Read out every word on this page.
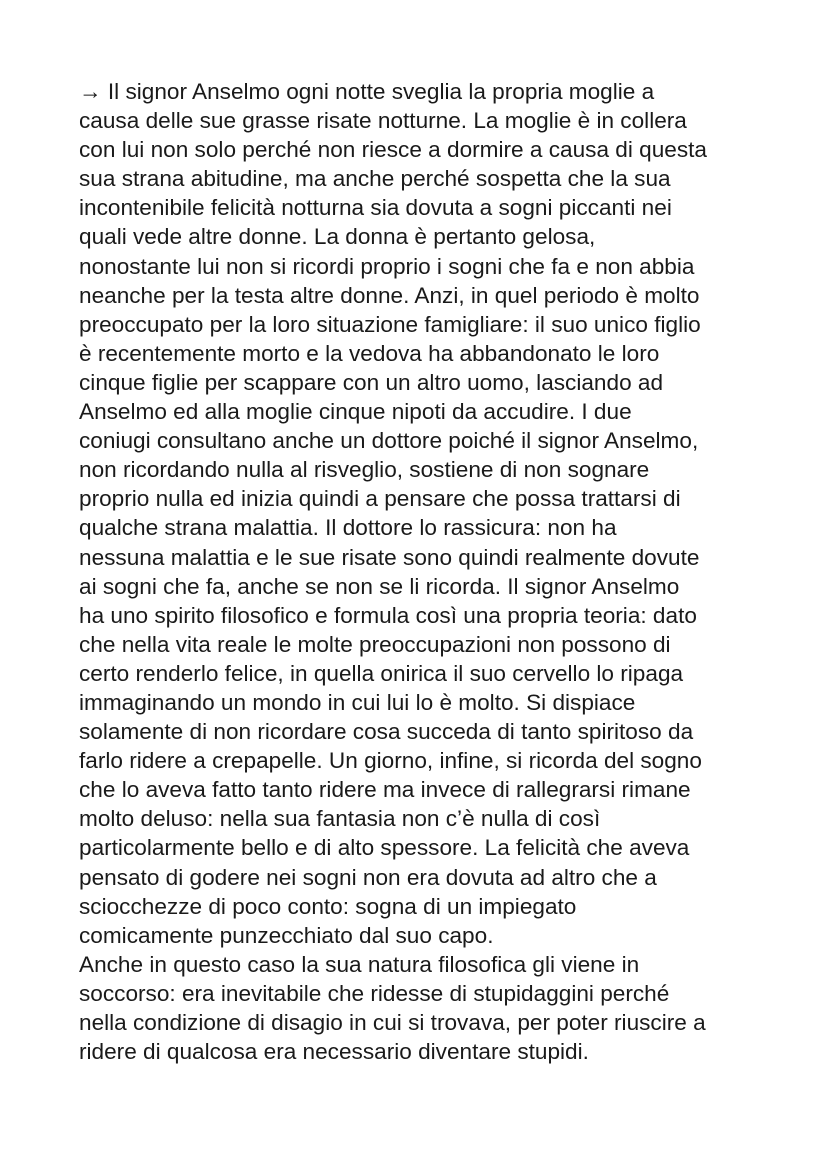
→ Il signor Anselmo ogni notte sveglia la propria moglie a
causa delle sue grasse risate notturne. La moglie è in collera
con lui non solo perché non riesce a dormire a causa di questa
sua strana abitudine, ma anche perché sospetta che la sua
incontenibile felicità notturna sia dovuta a sogni piccanti nei
quali vede altre donne. La donna è pertanto gelosa,
nonostante lui non si ricordi proprio i sogni che fa e non abbia
neanche per la testa altre donne. Anzi, in quel periodo è molto
preoccupato per la loro situazione famigliare: il suo unico figlio
è recentemente morto e la vedova ha abbandonato le loro
cinque figlie per scappare con un altro uomo, lasciando ad
Anselmo ed alla moglie cinque nipoti da accudire. I due
coniugi consultano anche un dottore poiché il signor Anselmo,
non ricordando nulla al risveglio, sostiene di non sognare
proprio nulla ed inizia quindi a pensare che possa trattarsi di
qualche strana malattia. Il dottore lo rassicura: non ha
nessuna malattia e le sue risate sono quindi realmente dovute
ai sogni che fa, anche se non se li ricorda. Il signor Anselmo
ha uno spirito filosofico e formula così una propria teoria: dato
che nella vita reale le molte preoccupazioni non possono di
certo renderlo felice, in quella onirica il suo cervello lo ripaga
immaginando un mondo in cui lui lo è molto. Si dispiace
solamente di non ricordare cosa succeda di tanto spiritoso da
farlo ridere a crepapelle. Un giorno, infine, si ricorda del sogno
che lo aveva fatto tanto ridere ma invece di rallegrarsi rimane
molto deluso: nella sua fantasia non c’è nulla di così
particolarmente bello e di alto spessore. La felicità che aveva
pensato di godere nei sogni non era dovuta ad altro che a
sciocchezze di poco conto: sogna di un impiegato
comicamente punzecchiato dal suo capo.
Anche in questo caso la sua natura filosofica gli viene in
soccorso: era inevitabile che ridesse di stupidaggini perché
nella condizione di disagio in cui si trovava, per poter riuscire a
ridere di qualcosa era necessario diventare stupidi.
